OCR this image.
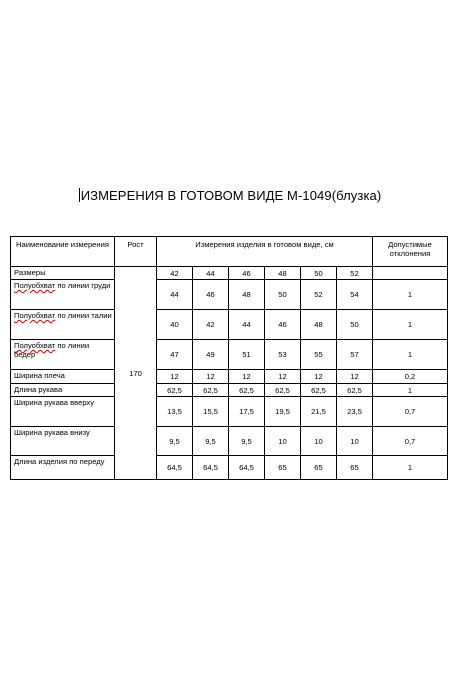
ИЗМЕРЕНИЯ В ГОТОВОМ ВИДЕ М-1049(блузка)
Наименование измерения	Рост	Измерения изделия в готовом виде, см						Допустимые отклонения
Размеры	170	42	44	46	48	50	52	
Полуобхват по линии груди		44	46	48	50	52	54	1
Полуобхват по линии талии		40	42	44	46	48	50	1
Полуобхват по линии бедер		47	49	51	53	55	57	1
Ширина плеча		12	12	12	12	12	12	0,2
Длина рукава		62,5	62,5	62,5	62,5	62,5	62,5	1
Ширина рукава вверху		13,5	15,5	17,5	19,5	21,5	23,5	0,7
Ширина рукава внизу		9,5	9,5	9,5	10	10	10	0,7
Длина изделия по переду		64,5	64,5	64,5	65	65	65	1
